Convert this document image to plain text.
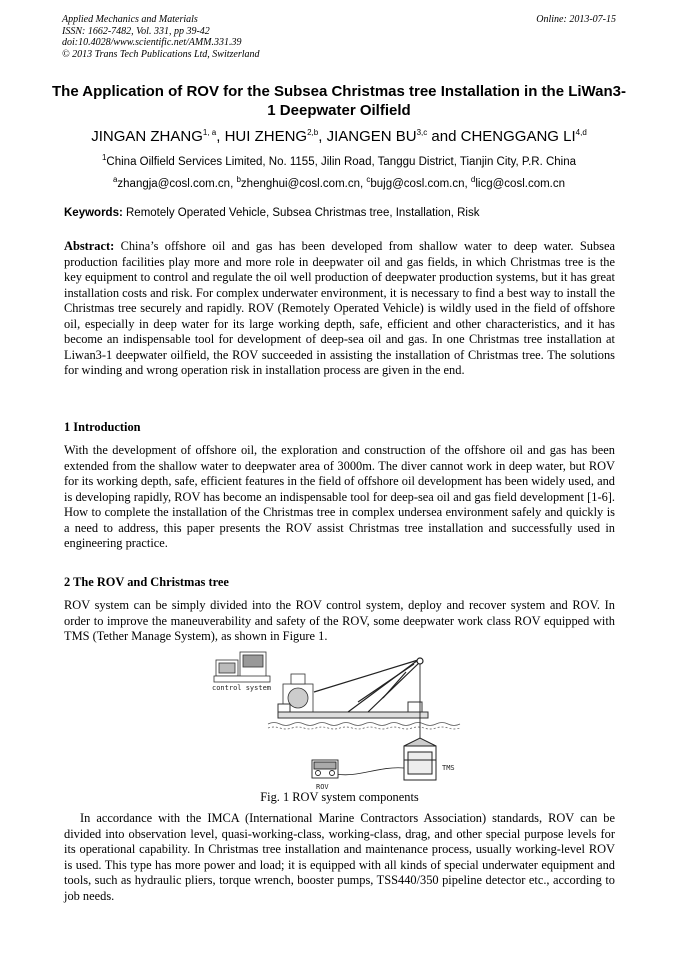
Applied Mechanics and Materials
ISSN: 1662-7482, Vol. 331, pp 39-42
doi:10.4028/www.scientific.net/AMM.331.39
© 2013 Trans Tech Publications Ltd, Switzerland
Online: 2013-07-15
The Application of ROV for the Subsea Christmas tree Installation in the LiWan3-1 Deepwater Oilfield
JINGAN ZHANG$^{1, a}$, HUI ZHENG$^{2,b}$, JIANGEN BU$^{3,c}$ and CHENGGANG LI$^{4,d}$
$^1$China Oilfield Services Limited, No. 1155, Jilin Road, Tanggu District, Tianjin City, P.R. China
$^a$zhangja@cosl.com.cn, $^b$zhenghui@cosl.com.cn, $^c$bujg@cosl.com.cn, $^d$licg@cosl.com.cn
Keywords: Remotely Operated Vehicle, Subsea Christmas tree, Installation, Risk
Abstract: China’s offshore oil and gas has been developed from shallow water to deep water. Subsea production facilities play more and more role in deepwater oil and gas fields, in which Christmas tree is the key equipment to control and regulate the oil well production of deepwater production systems, but it has great installation costs and risk. For complex underwater environment, it is necessary to find a best way to install the Christmas tree securely and rapidly. ROV (Remotely Operated Vehicle) is wildly used in the field of offshore oil, especially in deep water for its large working depth, safe, efficient and other characteristics, and it has become an indispensable tool for development of deep-sea oil and gas. In one Christmas tree installation at Liwan3-1 deepwater oilfield, the ROV succeeded in assisting the installation of Christmas tree. The solutions for winding and wrong operation risk in installation process are given in the end.
1 Introduction
With the development of offshore oil, the exploration and construction of the offshore oil and gas has been extended from the shallow water to deepwater area of 3000m. The diver cannot work in deep water, but ROV for its working depth, safe, efficient features in the field of offshore oil development has been widely used, and is developing rapidly, ROV has become an indispensable tool for deep-sea oil and gas field development [1-6]. How to complete the installation of the Christmas tree in complex undersea environment safely and quickly is a need to address, this paper presents the ROV assist Christmas tree installation and successfully used in engineering practice.
2 The ROV and Christmas tree
ROV system can be simply divided into the ROV control system, deploy and recover system and ROV. In order to improve the maneuverability and safety of the ROV, some deepwater work class ROV equipped with TMS (Tether Manage System), as shown in Figure 1.
control system
TMS
ROV
Fig. 1 ROV system components
In accordance with the IMCA (International Marine Contractors Association) standards, ROV can be divided into observation level, quasi-working-class, working-class, drag, and other special purpose levels for its operational capability. In Christmas tree installation and maintenance process, usually working-level ROV is used. This type has more power and load; it is equipped with all kinds of special underwater equipment and tools, such as hydraulic pliers, torque wrench, booster pumps, TSS440/350 pipeline detector etc., according to job needs.
